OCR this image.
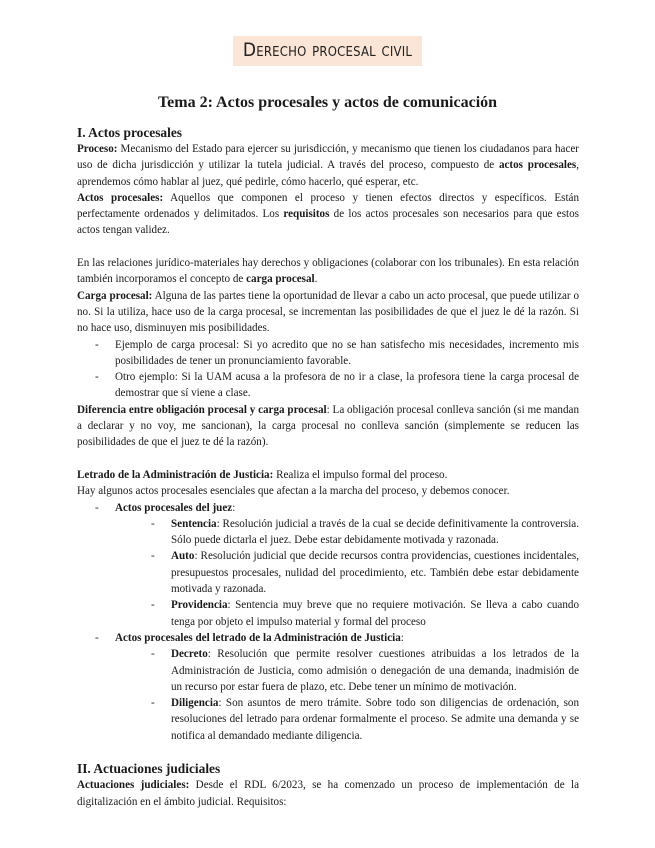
Derecho procesal civil
Tema 2: Actos procesales y actos de comunicación
I. Actos procesales

Proceso: Mecanismo del Estado para ejercer su jurisdicción, y mecanismo que tienen los ciudadanos para hacer uso de dicha jurisdicción y utilizar la tutela judicial. A través del proceso, compuesto de actos procesales, aprendemos cómo hablar al juez, qué pedirle, cómo hacerlo, qué esperar, etc.

Actos procesales: Aquellos que componen el proceso y tienen efectos directos y específicos. Están perfectamente ordenados y delimitados. Los requisitos de los actos procesales son necesarios para que estos actos tengan validez.

En las relaciones jurídico-materiales hay derechos y obligaciones (colaborar con los tribunales). En esta relación también incorporamos el concepto de carga procesal.

Carga procesal: Alguna de las partes tiene la oportunidad de llevar a cabo un acto procesal, que puede utilizar o no. Si la utiliza, hace uso de la carga procesal, se incrementan las posibilidades de que el juez le dé la razón. Si no hace uso, disminuyen mis posibilidades.

- Ejemplo de carga procesal: Si yo acredito que no se han satisfecho mis necesidades, incremento mis posibilidades de tener un pronunciamiento favorable.
- Otro ejemplo: Si la UAM acusa a la profesora de no ir a clase, la profesora tiene la carga procesal de demostrar que sí viene a clase.

Diferencia entre obligación procesal y carga procesal: La obligación procesal conlleva sanción (si me mandan a declarar y no voy, me sancionan), la carga procesal no conlleva sanción (simplemente se reducen las posibilidades de que el juez te dé la razón).

Letrado de la Administración de Justicia: Realiza el impulso formal del proceso.

Hay algunos actos procesales esenciales que afectan a la marcha del proceso, y debemos conocer.

- Actos procesales del juez:
- Sentencia: Resolución judicial a través de la cual se decide definitivamente la controversia. Sólo puede dictarla el juez. Debe estar debidamente motivada y razonada.
- Auto: Resolución judicial que decide recursos contra providencias, cuestiones incidentales, presupuestos procesales, nulidad del procedimiento, etc. También debe estar debidamente motivada y razonada.
- Providencia: Sentencia muy breve que no requiere motivación. Se lleva a cabo cuando tenga por objeto el impulso material y formal del proceso
- Actos procesales del letrado de la Administración de Justicia:
- Decreto: Resolución que permite resolver cuestiones atribuidas a los letrados de la Administración de Justicia, como admisión o denegación de una demanda, inadmisión de un recurso por estar fuera de plazo, etc. Debe tener un mínimo de motivación.
- Diligencia: Son asuntos de mero trámite. Sobre todo son diligencias de ordenación, son resoluciones del letrado para ordenar formalmente el proceso. Se admite una demanda y se notifica al demandado mediante diligencia.
II. Actuaciones judiciales

Actuaciones judiciales: Desde el RDL 6/2023, se ha comenzado un proceso de implementación de la digitalización en el ámbito judicial. Requisitos:
